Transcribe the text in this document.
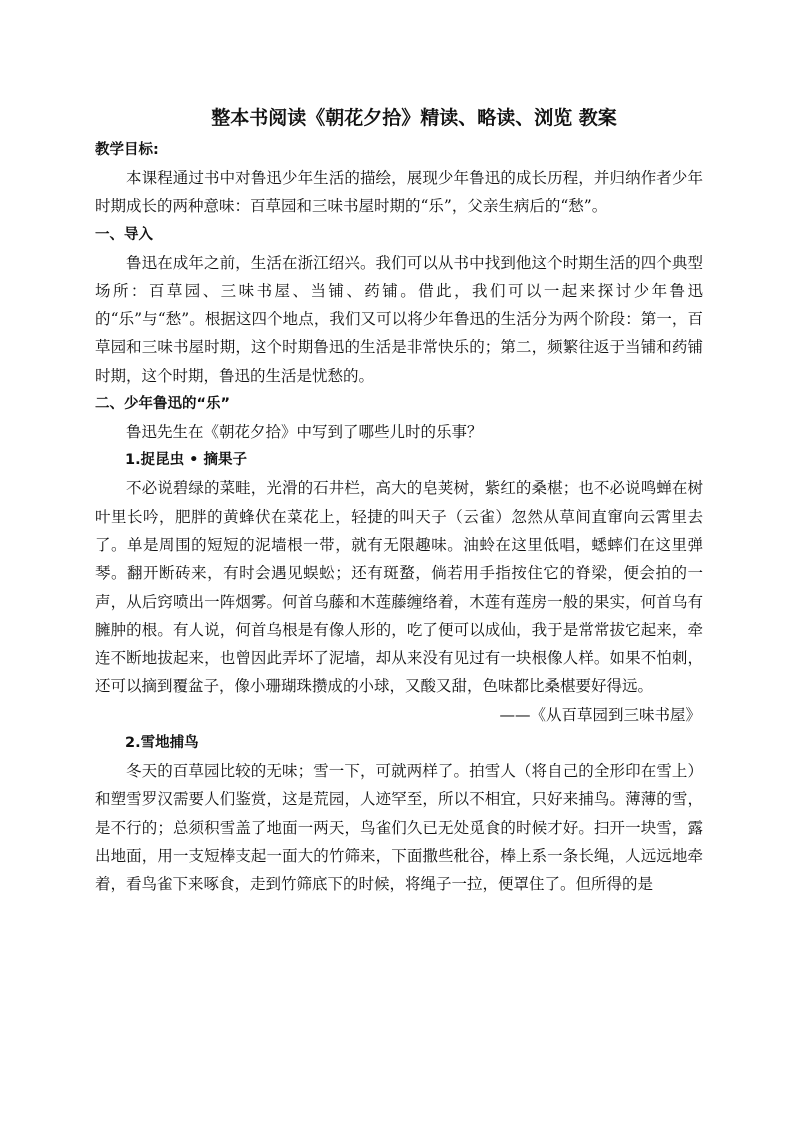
整本书阅读《朝花夕拾》精读、略读、浏览 教案

教学目标:

本课程通过书中对鲁迅少年生活的描绘，展现少年鲁迅的成长历程，并归纳作者少年时期成长的两种意味：百草园和三味书屋时期的“乐”，父亲生病后的“愁”。

一、导入

鲁迅在成年之前，生活在浙江绍兴。我们可以从书中找到他这个时期生活的四个典型场所：百草园、三味书屋、当铺、药铺。借此，我们可以一起来探讨少年鲁迅的“乐”与“愁”。根据这四个地点，我们又可以将少年鲁迅的生活分为两个阶段：第一，百草园和三味书屋时期，这个时期鲁迅的生活是非常快乐的；第二，频繁往返于当铺和药铺时期，这个时期，鲁迅的生活是忧愁的。

二、少年鲁迅的“乐”

鲁迅先生在《朝花夕拾》中写到了哪些儿时的乐事？

1.捉昆虫 • 摘果子

不必说碧绿的菜畦，光滑的石井栏，高大的皂荚树，紫红的桑椹；也不必说鸣蝉在树叶里长吟，肥胖的黄蜂伏在菜花上，轻捷的叫天子（云雀）忽然从草间直窜向云霄里去了。单是周围的短短的泥墙根一带，就有无限趣味。油蛉在这里低唱，蟋蟀们在这里弹琴。翻开断砖来，有时会遇见蜈蚣；还有斑蝥，倘若用手指按住它的脊梁，便会拍的一声，从后窍喷出一阵烟雾。何首乌藤和木莲藤缠络着，木莲有莲房一般的果实，何首乌有臃肿的根。有人说，何首乌根是有像人形的，吃了便可以成仙，我于是常常拔它起来，牵连不断地拔起来，也曾因此弄坏了泥墙，却从来没有见过有一块根像人样。如果不怕刺，还可以摘到覆盆子，像小珊瑚珠攒成的小球，又酸又甜，色味都比桑椹要好得远。

——《从百草园到三味书屋》

2.雪地捕鸟

冬天的百草园比较的无味；雪一下，可就两样了。拍雪人（将自己的全形印在雪上）和塑雪罗汉需要人们鉴赏，这是荒园，人迹罕至，所以不相宜，只好来捕鸟。薄薄的雪，是不行的；总须积雪盖了地面一两天，鸟雀们久已无处觅食的时候才好。扫开一块雪，露出地面，用一支短棒支起一面大的竹筛来，下面撒些秕谷，棒上系一条长绳，人远远地牵着，看鸟雀下来啄食，走到竹筛底下的时候，将绳子一拉，便罩住了。但所得的是
